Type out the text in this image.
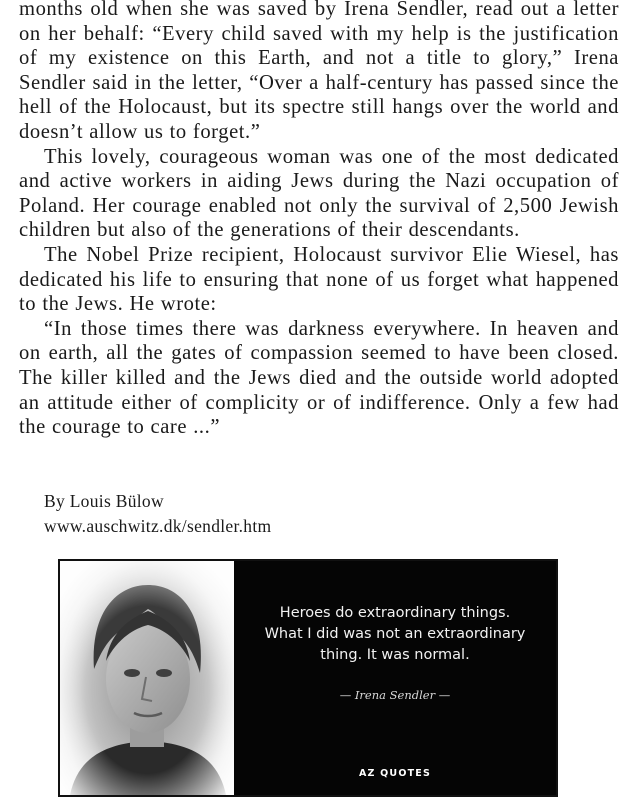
months old when she was saved by Irena Sendler, read out a letter on her behalf: “Every child saved with my help is the justification of my existence on this Earth, and not a title to glory,” Irena Sendler said in the letter, “Over a half-century has passed since the hell of the Holocaust, but its spectre still hangs over the world and doesn’t allow us to forget.”

This lovely, courageous woman was one of the most dedicated and active workers in aiding Jews during the Nazi occupation of Poland. Her courage enabled not only the survival of 2,500 Jewish children but also of the generations of their descendants.

The Nobel Prize recipient, Holocaust survivor Elie Wiesel, has dedicated his life to ensuring that none of us forget what happened to the Jews. He wrote:

“In those times there was darkness everywhere. In heaven and on earth, all the gates of compassion seemed to have been closed. The killer killed and the Jews died and the outside world adopted an attitude either of complicity or of indifference. Only a few had the courage to care ...”

By Louis Bülow
www.auschwitz.dk/sendler.htm
Heroes do extraordinary things.
What I did was not an extraordinary
thing. It was normal.
— Irena Sendler —
AZ QUOTES
